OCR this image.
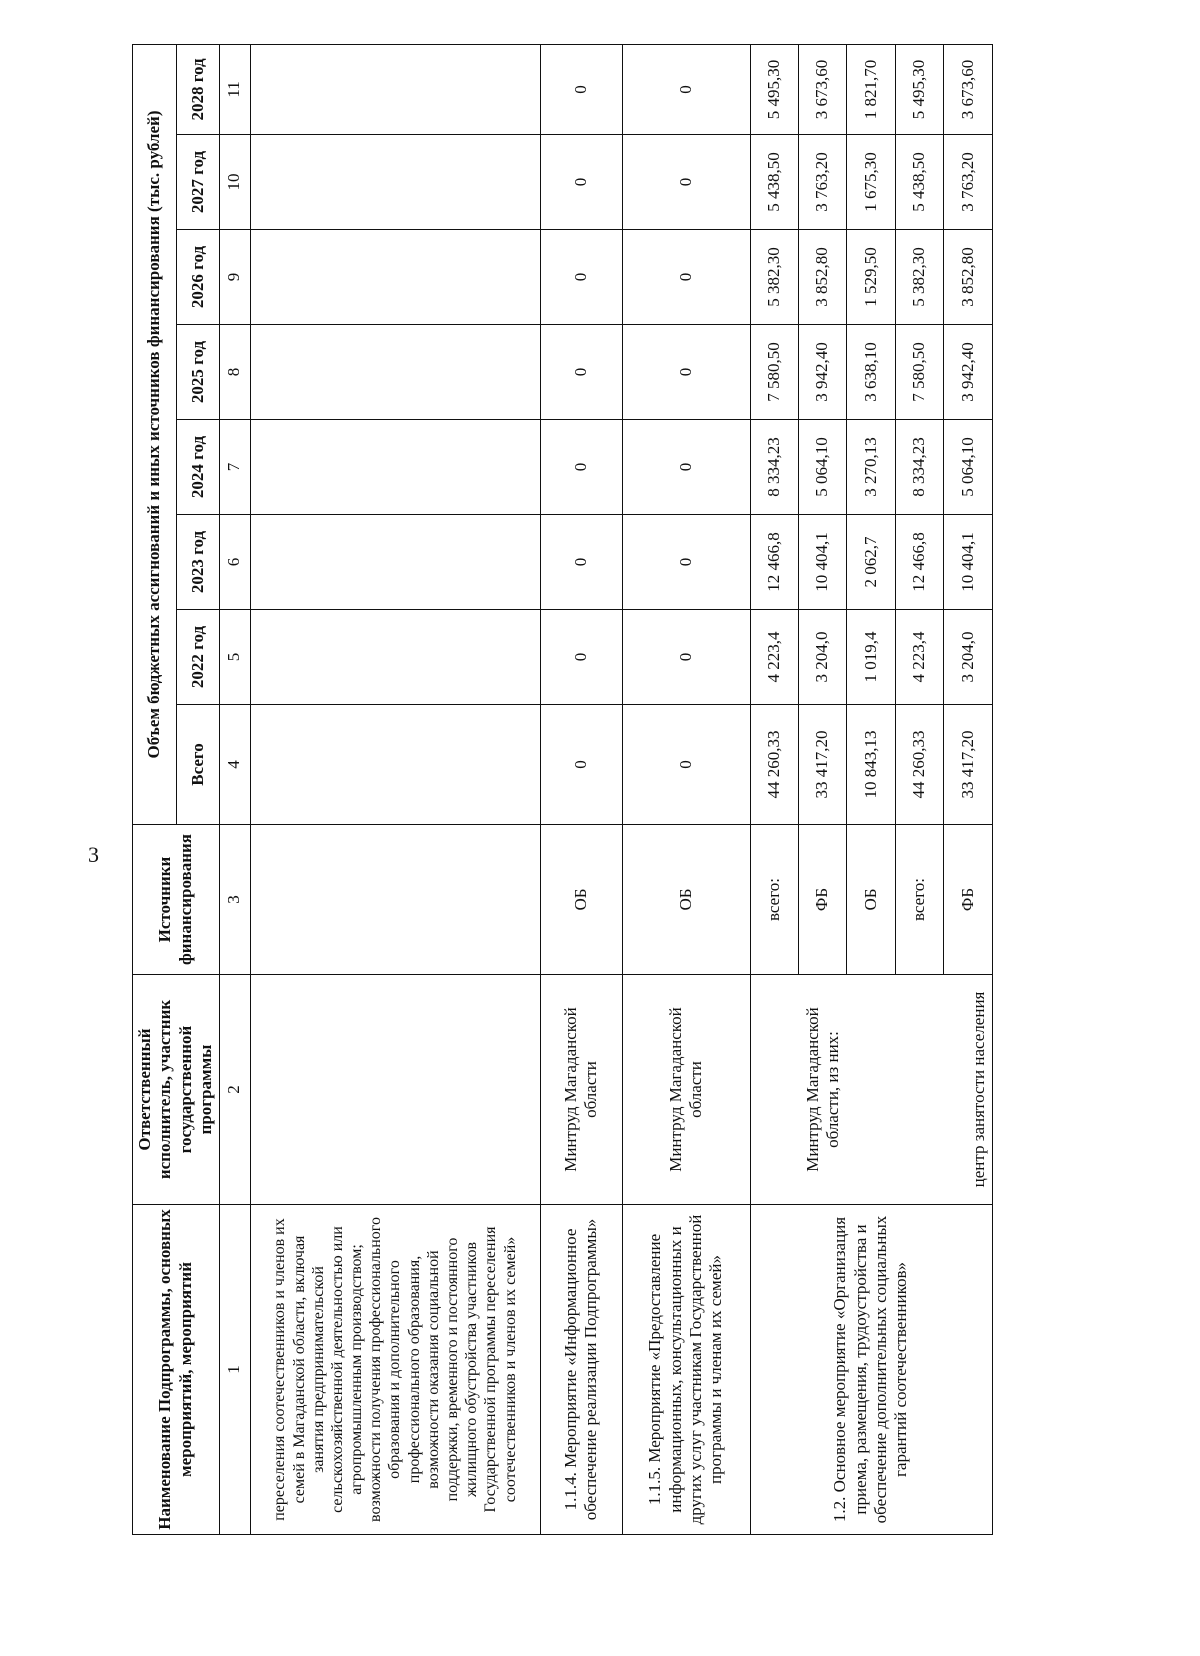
3
Наименование Подпрограммы, основных мероприятий, мероприятий	Ответственный исполнитель, участник государственной программы	Источники финансирования	Объем бюджетных ассигнований и иных источников финансирования (тыс. рублей)							
			Всего	2022 год	2023 год	2024 год	2025 год	2026 год	2027 год	2028 год
1	2	3	4	5	6	7	8	9	10	11
переселения соотечественников и членов их семей в Магаданской области, включая занятия предпринимательской сельскохозяйственной деятельностью или агропромышленным производством; возможности получения профессионального образования и дополнительного профессионального образования, возможности оказания социальной поддержки, временного и постоянного жилищного обустройства участников Государственной программы переселения соотечественников и членов их семей»										
1.1.4. Мероприятие «Информационное обеспечение реализации Подпрограммы»	Минтруд Магаданской области	ОБ	0	0	0	0	0	0	0	0
1.1.5. Мероприятие «Предоставление информационных, консультационных и других услуг участникам Государственной программы и членам их семей»	Минтруд Магаданской области	ОБ	0	0	0	0	0	0	0	0
1.2. Основное мероприятие «Организация приема, размещения, трудоустройства и обеспечение дополнительных социальных гарантий соотечественников»	Минтруд Магаданской области, из них:	всего:	44 260,33	4 223,4	12 466,8	8 334,23	7 580,50	5 382,30	5 438,50	5 495,30
		ФБ	33 417,20	3 204,0	10 404,1	5 064,10	3 942,40	3 852,80	3 763,20	3 673,60
		ОБ	10 843,13	1 019,4	2 062,7	3 270,13	3 638,10	1 529,50	1 675,30	1 821,70
	центр занятости населения	всего:	44 260,33	4 223,4	12 466,8	8 334,23	7 580,50	5 382,30	5 438,50	5 495,30
		ФБ	33 417,20	3 204,0	10 404,1	5 064,10	3 942,40	3 852,80	3 763,20	3 673,60
